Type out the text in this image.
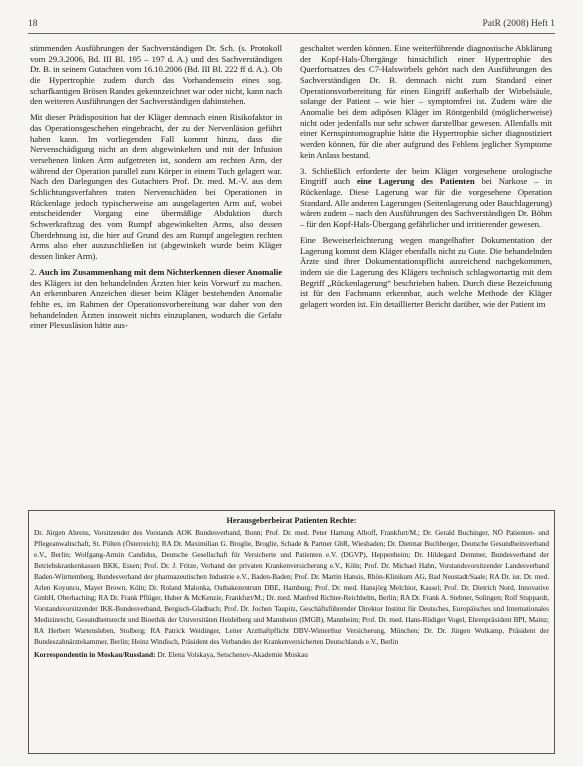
18	PatR (2008) Heft 1

stimmenden Ausführungen der Sachverständigen Dr. Sch. (s. Protokoll vom 29.3.2006, Bd. III Bl. 195 – 197 d. A.) und des Sachverständigen Dr. B. in seinem Gutachten vom 16.10.2006 (Bd. III Bl. 222 ff d. A.). Ob die Hypertrophie zudem durch das Vorhandensein eines sog. scharfkantigen Brösen Randes gekennzeichnet war oder nicht, kann nach den weiteren Ausführungen der Sachverständigen dahinstehen.

Mit dieser Prädisposition hat der Kläger demnach einen Risikofaktor in das Operationsgeschehen eingebracht, der zu der Nervenläsion geführt haben kann. Im vorliegenden Fall kommt hinzu, dass die Nervenschädigung nicht an dem abgewinkelten und mit der Infusion versehenen linken Arm aufgetreten ist, sondern am rechten Arm, der während der Operation parallel zum Körper in einem Tuch gelagert war. Nach den Darlegungen des Gutachters Prof. Dr. med. M.-V. aus dem Schlichtungsverfahren traten Nervenschäden bei Operationen in Rückenlage jedoch typischerweise am ausgelagerten Arm auf, wobei entscheidender Vorgang eine übermäßige Abduktion durch Schwerkraftzug des vom Rumpf abgewinkelten Arms, also dessen Überdehnung ist, die hier auf Grund des am Rumpf angelegten rechten Arms also eher auszuschließen ist (abgewinkelt wurde beim Kläger dessen linker Arm).

2. Auch im Zusammenhang mit dem Nichterkennen dieser Anomalie des Klägers ist den behandelnden Ärzten hier kein Vorwurf zu machen. An erkennbaren Anzeichen dieser beim Kläger bestehenden Anomalie fehlte es, im Rahmen der Operationsvorbereitung war daher von den behandelnden Ärzten insoweit nichts einzuplanen, wodurch die Gefahr einer Plexusläsion hätte aus-

geschaltet werden können. Eine weiterführende diagnostische Abklärung der Kopf-Hals-Übergänge hinsichtlich einer Hypertrophie des Querfortsatzes des C7-Halswirbels gehört nach den Ausführungen des Sachverständigen Dr. B. demnach nicht zum Standard einer Operationsvorbereitung für einen Eingriff außerhalb der Wirbelsäule, solange der Patient – wie hier – symptomfrei ist. Zudem wäre die Anomalie bei dem adipösen Kläger im Röntgenbild (möglicherweise) nicht oder jedenfalls nur sehr schwer darstellbar gewesen. Allenfalls mit einer Kernspintomographie hätte die Hypertrophie sicher diagnostiziert werden können, für die aber aufgrund des Fehlens jeglicher Symptome kein Anlass bestand.

3. Schließlich erforderte der beim Kläger vorgesehene urologische Eingriff auch eine Lagerung des Patienten bei Narkose – in Rückenlage. Diese Lagerung war für die vorgesehene Operation Standard. Alle anderen Lagerungen (Seitenlagerung oder Bauchlagerung) wären zudem – nach den Ausführungen des Sachverständigen Dr. Böhm – für den Kopf-Hals-Übergang gefährlicher und irritierender gewesen.

Eine Beweiserleichterung wegen mangelhafter Dokumentation der Lagerung kommt dem Kläger ebenfalls nicht zu Gute. Die behandelnden Ärzte sind ihrer Dokumentationspflicht ausreichend nachgekommen, indem sie die Lagerung des Klägers technisch schlagwortartig mit dem Begriff „Rückenlagerung“ beschrieben haben. Durch diese Bezeichnung ist für den Fachmann erkennbar, auch welche Methode der Kläger gelagert worden ist. Ein detaillierter Bericht darüber, wie der Patient im

Herausgeberbeirat Patienten Rechte:
Dr. Jürgen Ahrens, Vorsitzender des Vorstands AOK Bundesverband, Bonn; Prof. Dr. med. Peter Hartung Alboff, Frankfurt/M.; Dr. Gerald Buchinger, NÖ Patienten- und Pflegeanwaltschaft, St. Pölten (Österreich); RA Dr. Maximilian G. Broglie, Broglie, Schade & Partner GbR, Wiesbaden; Dr. Dietmar Buchberger, Deutsche Gesundheitsverband e.V., Berlin; Wolfgang-Armin Candidus, Deutsche Gesellschaft für Versicherte und Patienten e.V. (DGVP), Heppenheim; Dr. Hildegard Demmer, Bundesverband der Betriebskrankenkassen BKK, Essen; Prof. Dr. J. Fritze, Verband der privaten Krankenversicherung e.V., Köln; Prof. Dr. Michael Hahn, Vorstandsvorsitzender Landesverband Baden-Württemberg, Bundesverband der pharmazeutischen Industrie e.V., Baden-Baden; Prof. Dr. Martin Hansis, Rhön-Klinikum AG, Bad Neustadt/Saale; RA Dr. iur. Dr. med. Arlen Koyuncu, Mayer Brown, Köln; Dr. Roland Malonka, Ostbakezentrum DBE, Hamburg; Prof. Dr. med. Hansjörg Melchior, Kassel; Prof. Dr. Dietrich Nord, Innovative GmbH, Oberhaching; RA Dr. Frank Pflüger, Huber & McKenzie, Frankfurt/M.; Dr. med. Manfred Richter-Reichhelm, Berlin; RA Dr. Frank A. Stebner, Solingen; Rolf Stuppardt, Vorstandsvorsitzender IKK-Bundesverband, Bergisch-Gladbach; Prof. Dr. Jochen Taupitz, Geschäftsführender Direktor Institut für Deutsches, Europäisches und Internationales Medizinrecht, Gesundheitsrecht und Bioethik der Universitäten Heidelberg und Mannheim (IMGB), Mannheim; Prof. Dr. med. Hans-Rüdiger Vogel, Ehrenpräsident BPI, Mainz; RA Herbert Wartensleben, Stolberg; RA Patrick Weidinger, Leiter Arzthaftpflicht DBV-Winterthur Versicherung, München; Dr. Dr. Jürgen Wolkamp, Präsident der Bundeszahnärztekammer, Berlin; Heinz Windisch, Präsident des Verbandes der Krankenversicherten Deutschlands e.V., Berlin
Korrespondentin in Moskau/Russland: Dr. Elena Volskaya, Setschenov-Akademie Moskau
